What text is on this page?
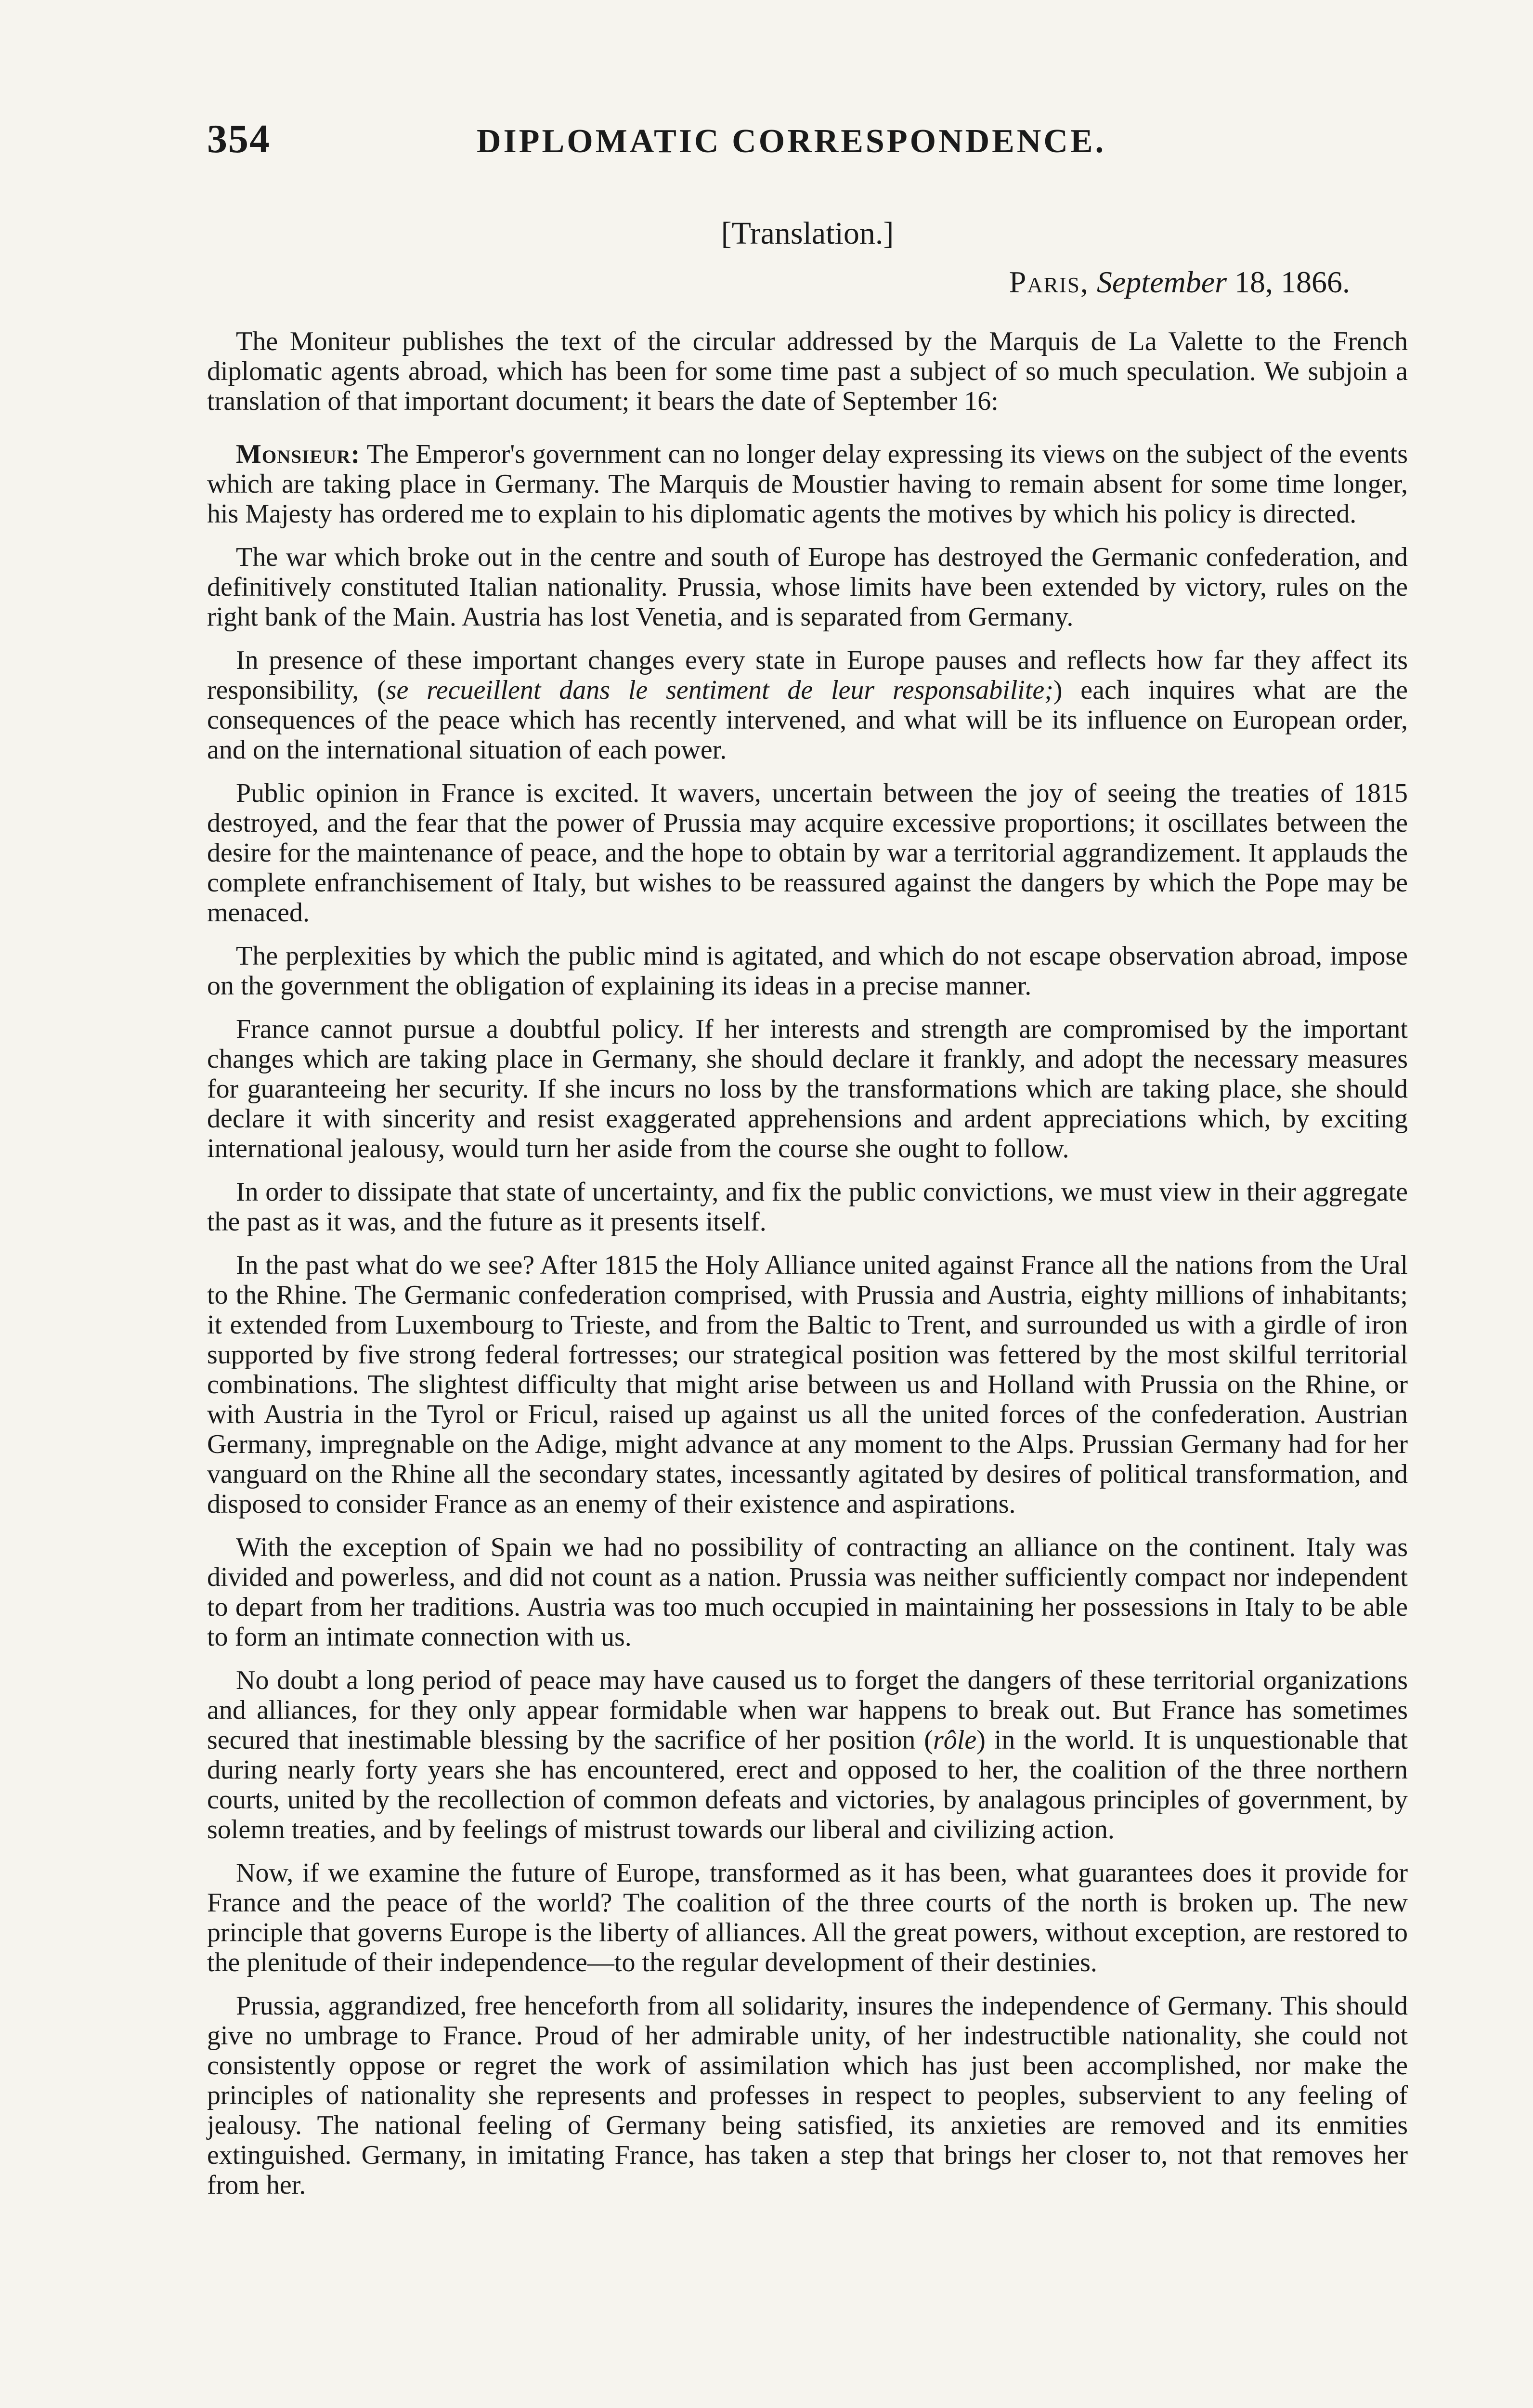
354	DIPLOMATIC CORRESPONDENCE.
[Translation.]
Paris, September 18, 1866.

The Moniteur publishes the text of the circular addressed by the Marquis de La Valette to the French diplomatic agents abroad, which has been for some time past a subject of so much speculation. We subjoin a translation of that important document; it bears the date of September 16:

Monsieur: The Emperor's government can no longer delay expressing its views on the subject of the events which are taking place in Germany. The Marquis de Moustier having to remain absent for some time longer, his Majesty has ordered me to explain to his diplomatic agents the motives by which his policy is directed.

The war which broke out in the centre and south of Europe has destroyed the Germanic confederation, and definitively constituted Italian nationality. Prussia, whose limits have been extended by victory, rules on the right bank of the Main. Austria has lost Venetia, and is separated from Germany.

In presence of these important changes every state in Europe pauses and reflects how far they affect its responsibility, (se recueillent dans le sentiment de leur responsabilite;) each inquires what are the consequences of the peace which has recently intervened, and what will be its influence on European order, and on the international situation of each power.

Public opinion in France is excited. It wavers, uncertain between the joy of seeing the treaties of 1815 destroyed, and the fear that the power of Prussia may acquire excessive proportions; it oscillates between the desire for the maintenance of peace, and the hope to obtain by war a territorial aggrandizement. It applauds the complete enfranchisement of Italy, but wishes to be reassured against the dangers by which the Pope may be menaced.

The perplexities by which the public mind is agitated, and which do not escape observation abroad, impose on the government the obligation of explaining its ideas in a precise manner.

France cannot pursue a doubtful policy. If her interests and strength are compromised by the important changes which are taking place in Germany, she should declare it frankly, and adopt the necessary measures for guaranteeing her security. If she incurs no loss by the transformations which are taking place, she should declare it with sincerity and resist exaggerated apprehensions and ardent appreciations which, by exciting international jealousy, would turn her aside from the course she ought to follow.

In order to dissipate that state of uncertainty, and fix the public convictions, we must view in their aggregate the past as it was, and the future as it presents itself.

In the past what do we see? After 1815 the Holy Alliance united against France all the nations from the Ural to the Rhine. The Germanic confederation comprised, with Prussia and Austria, eighty millions of inhabitants; it extended from Luxembourg to Trieste, and from the Baltic to Trent, and surrounded us with a girdle of iron supported by five strong federal fortresses; our strategical position was fettered by the most skilful territorial combinations. The slightest difficulty that might arise between us and Holland with Prussia on the Rhine, or with Austria in the Tyrol or Fricul, raised up against us all the united forces of the confederation. Austrian Germany, impregnable on the Adige, might advance at any moment to the Alps. Prussian Germany had for her vanguard on the Rhine all the secondary states, incessantly agitated by desires of political transformation, and disposed to consider France as an enemy of their existence and aspirations.

With the exception of Spain we had no possibility of contracting an alliance on the continent. Italy was divided and powerless, and did not count as a nation. Prussia was neither sufficiently compact nor independent to depart from her traditions. Austria was too much occupied in maintaining her possessions in Italy to be able to form an intimate connection with us.

No doubt a long period of peace may have caused us to forget the dangers of these territorial organizations and alliances, for they only appear formidable when war happens to break out. But France has sometimes secured that inestimable blessing by the sacrifice of her position (rôle) in the world. It is unquestionable that during nearly forty years she has encountered, erect and opposed to her, the coalition of the three northern courts, united by the recollection of common defeats and victories, by analagous principles of government, by solemn treaties, and by feelings of mistrust towards our liberal and civilizing action.

Now, if we examine the future of Europe, transformed as it has been, what guarantees does it provide for France and the peace of the world? The coalition of the three courts of the north is broken up. The new principle that governs Europe is the liberty of alliances. All the great powers, without exception, are restored to the plenitude of their independence—to the regular development of their destinies.

Prussia, aggrandized, free henceforth from all solidarity, insures the independence of Germany. This should give no umbrage to France. Proud of her admirable unity, of her indestructible nationality, she could not consistently oppose or regret the work of assimilation which has just been accomplished, nor make the principles of nationality she represents and professes in respect to peoples, subservient to any feeling of jealousy. The national feeling of Germany being satisfied, its anxieties are removed and its enmities extinguished. Germany, in imitating France, has taken a step that brings her closer to, not that removes her from her.
